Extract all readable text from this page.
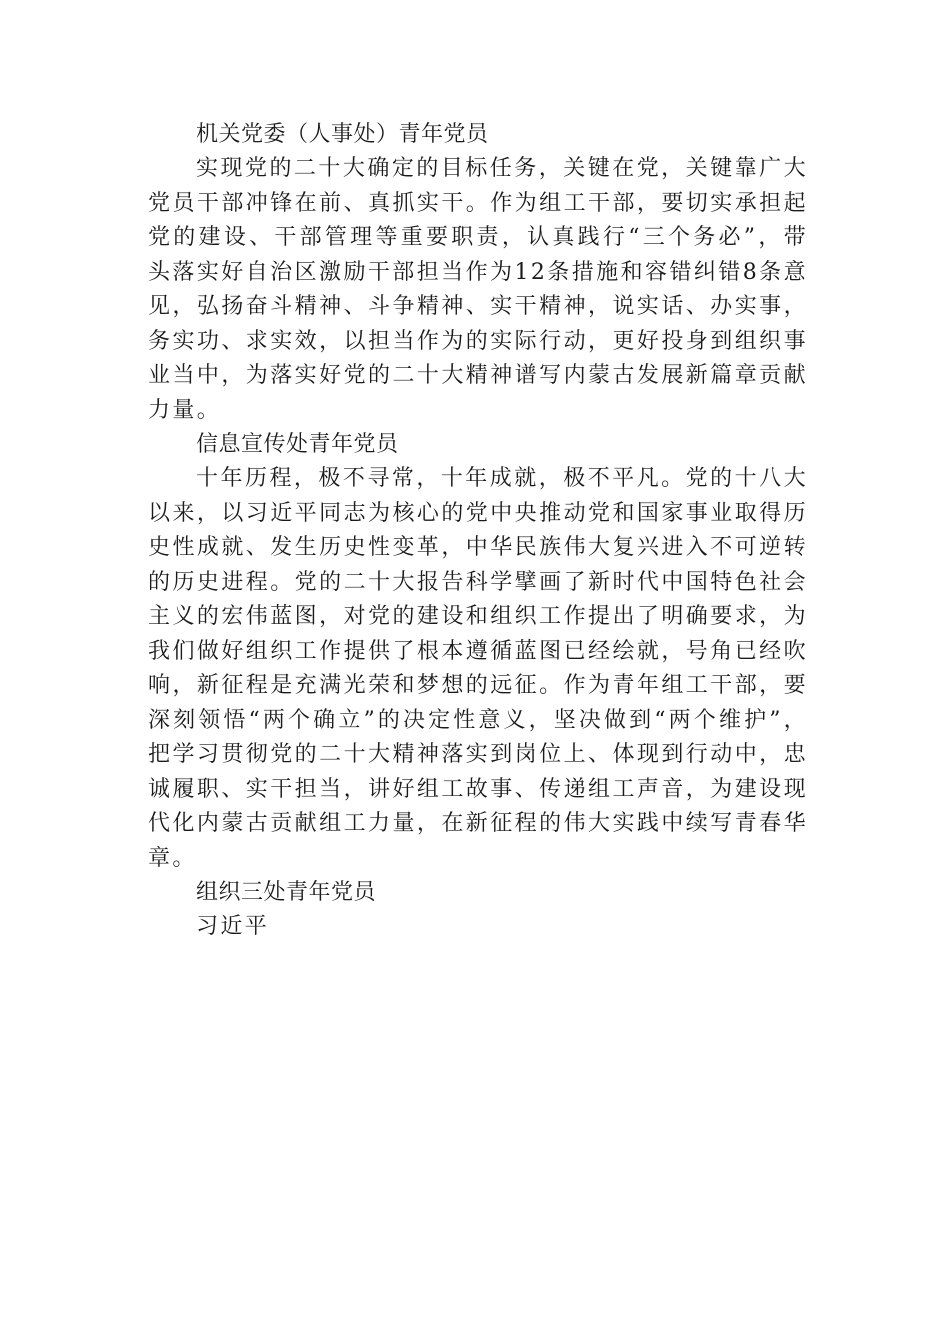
机关党委（人事处）青年党员

实现党的二十大确定的目标任务，关键在党，关键靠广大党员干部冲锋在前、真抓实干。作为组工干部，要切实承担起党的建设、干部管理等重要职责，认真践行“三个务必”，带头落实好自治区激励干部担当作为12条措施和容错纠错8条意见，弘扬奋斗精神、斗争精神、实干精神，说实话、办实事，务实功、求实效，以担当作为的实际行动，更好投身到组织事业当中，为落实好党的二十大精神谱写内蒙古发展新篇章贡献力量。

信息宣传处青年党员

十年历程，极不寻常，十年成就，极不平凡。党的十八大以来，以习近平同志为核心的党中央推动党和国家事业取得历史性成就、发生历史性变革，中华民族伟大复兴进入不可逆转的历史进程。党的二十大报告科学擘画了新时代中国特色社会主义的宏伟蓝图，对党的建设和组织工作提出了明确要求，为我们做好组织工作提供了根本遵循蓝图已经绘就，号角已经吹响，新征程是充满光荣和梦想的远征。作为青年组工干部，要深刻领悟“两个确立”的决定性意义，坚决做到“两个维护”，把学习贯彻党的二十大精神落实到岗位上、体现到行动中，忠诚履职、实干担当，讲好组工故事、传递组工声音，为建设现代化内蒙古贡献组工力量，在新征程的伟大实践中续写青春华章。

组织三处青年党员

习近平
